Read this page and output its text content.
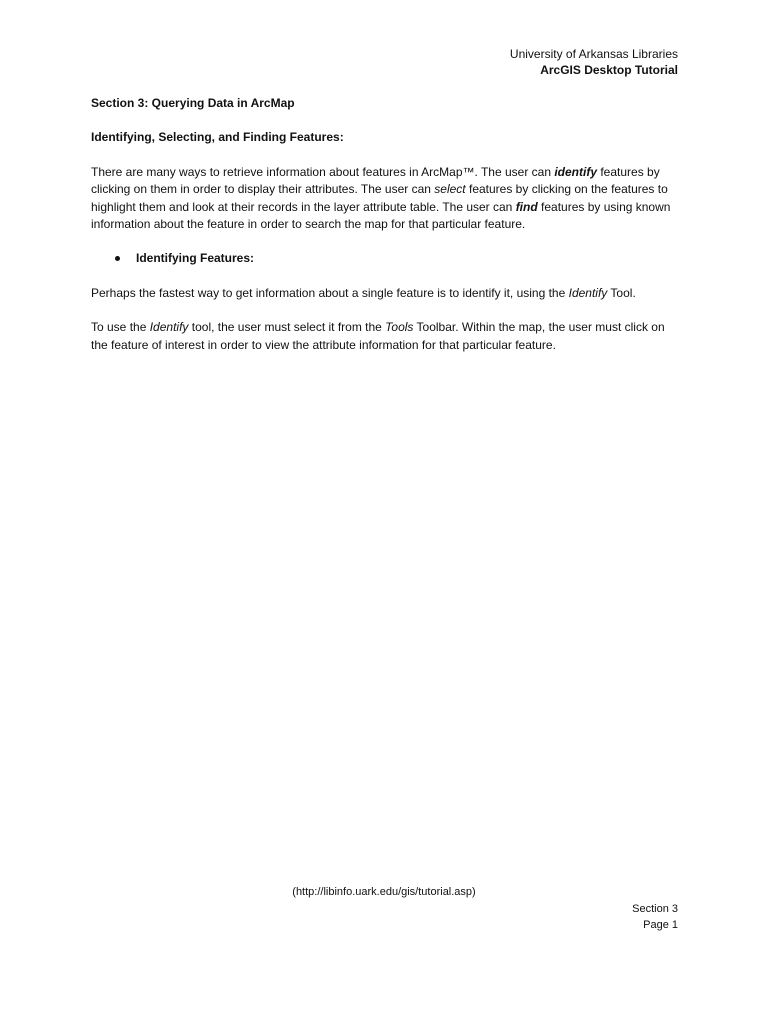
University of Arkansas Libraries
ArcGIS Desktop Tutorial
Section 3: Querying Data in ArcMap
Identifying, Selecting, and Finding Features:

There are many ways to retrieve information about features in ArcMap™. The user can identify features by clicking on them in order to display their attributes. The user can select features by clicking on the features to highlight them and look at their records in the layer attribute table. The user can find features by using known information about the feature in order to search the map for that particular feature.

Identifying Features:

Perhaps the fastest way to get information about a single feature is to identify it, using the Identify Tool.

To use the Identify tool, the user must select it from the Tools Toolbar. Within the map, the user must click on the feature of interest in order to view the attribute information for that particular feature.

(http://libinfo.uark.edu/gis/tutorial.asp)
Section 3
Page 1
